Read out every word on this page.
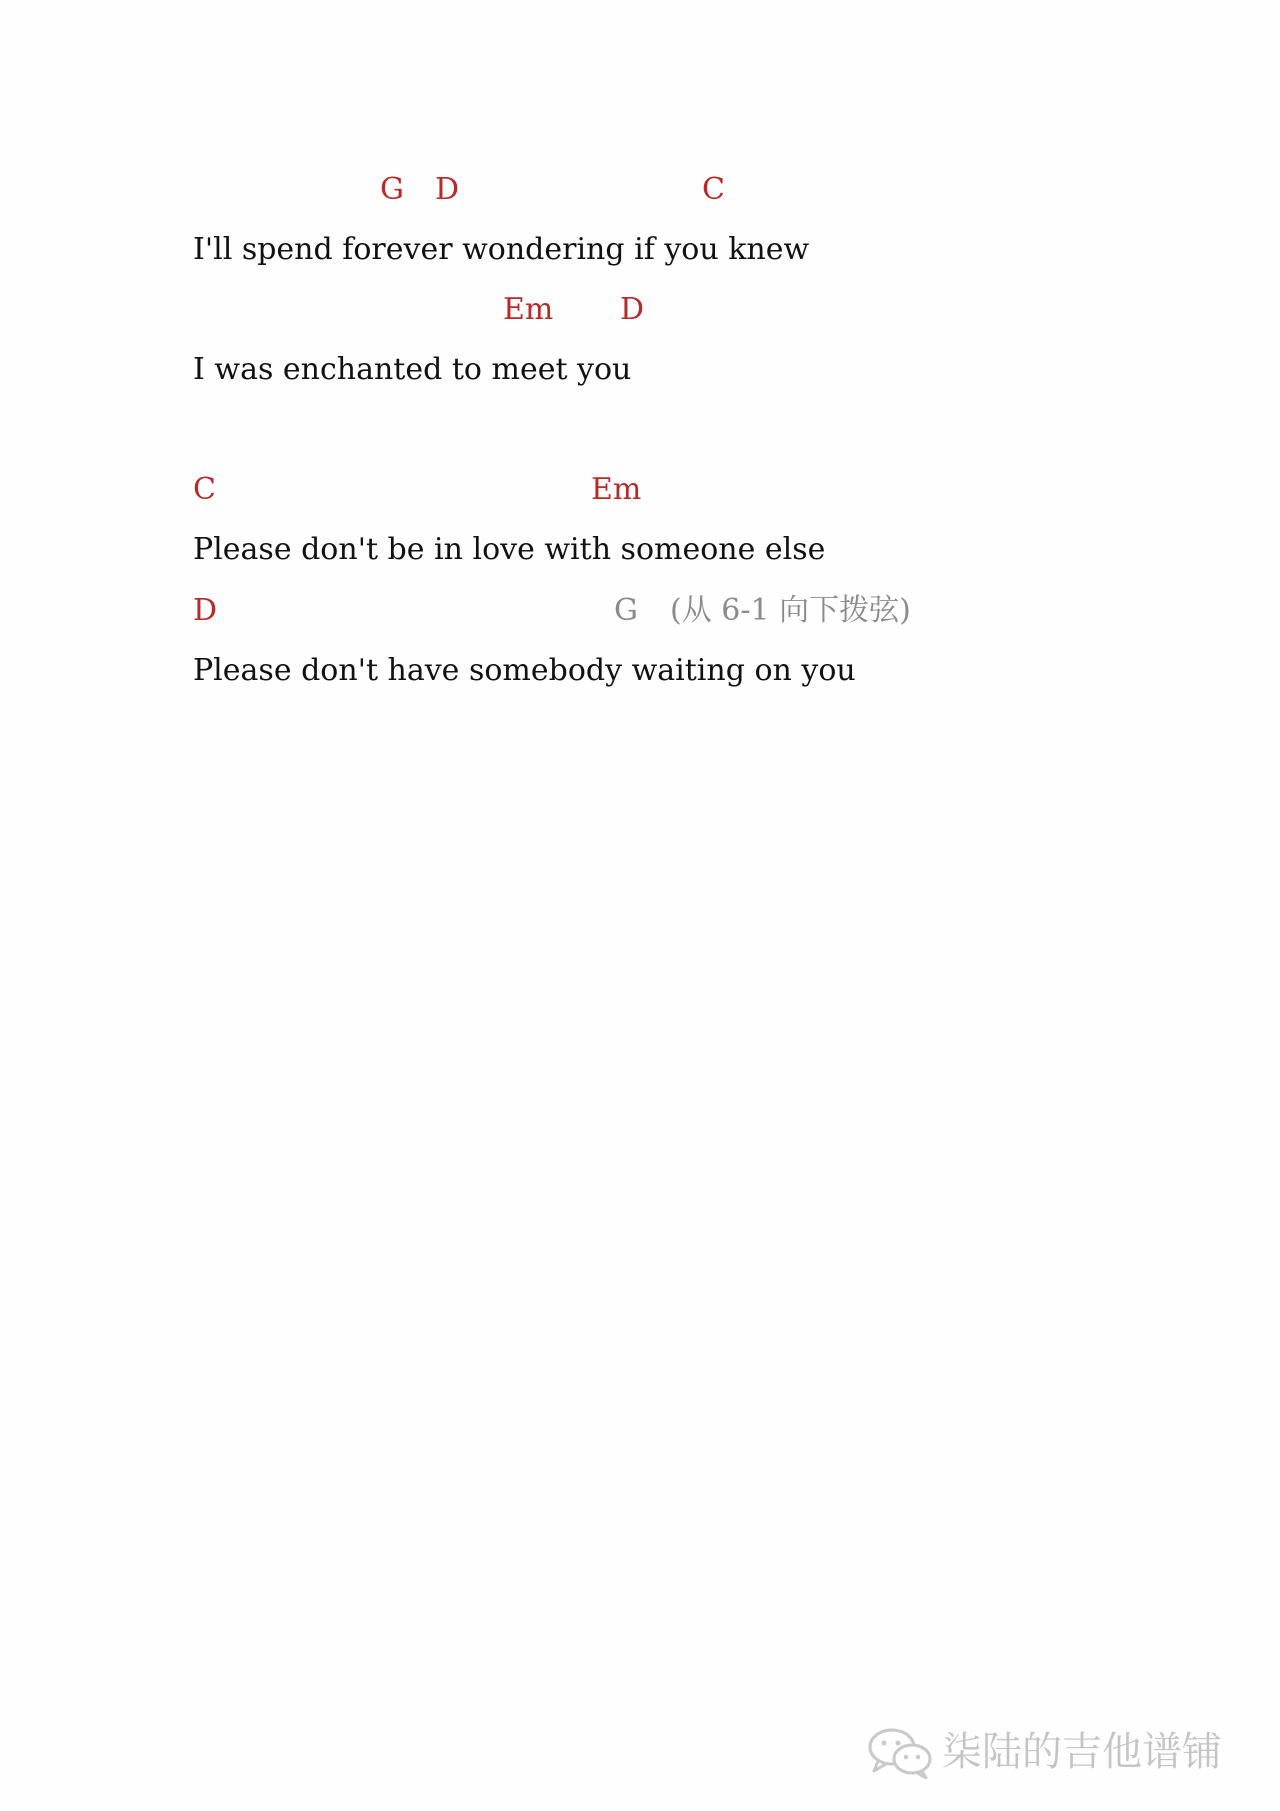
G D	C
I'll spend forever wondering if you knew
Em D
I was enchanted to meet you
C	Em
Please don't be in love with someone else
D	G (从 6-1 向下拨弦)
Please don't have somebody waiting on you
柒陆的吉他谱铺
